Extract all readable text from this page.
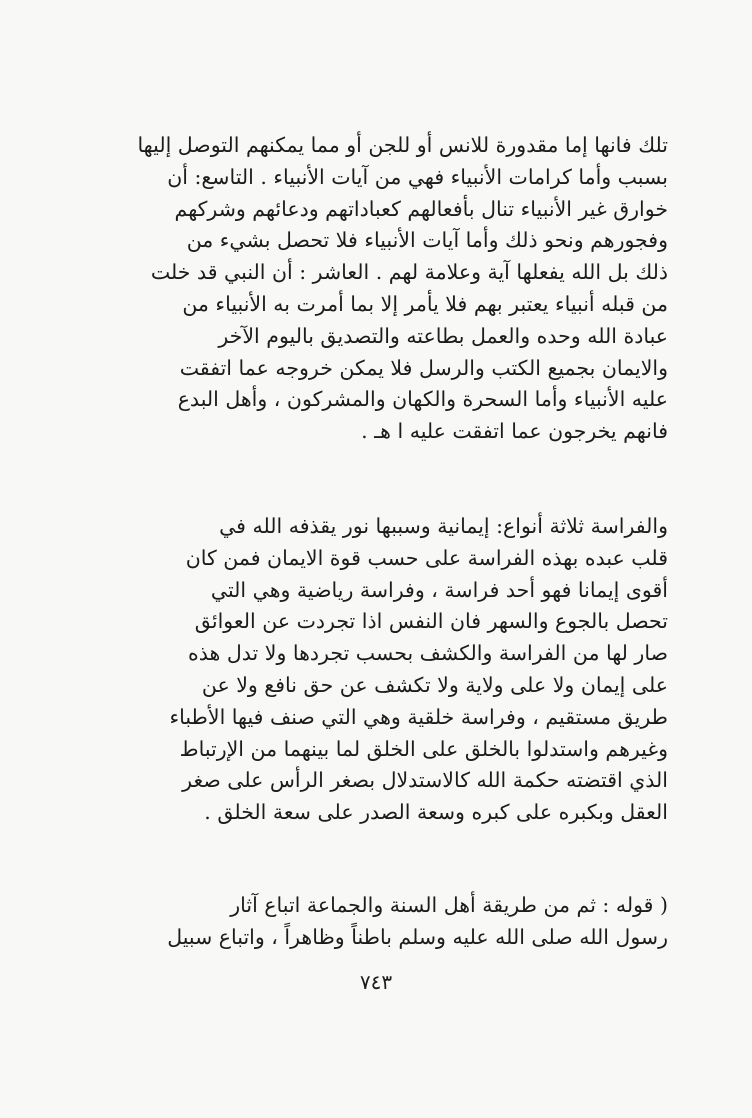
تلك فانها إما مقدورة للانس أو للجن أو مما يمكنهم التوصل إليها
بسبب وأما كرامات الأنبياء فهي من آيات الأنبياء . التاسع: أن
خوارق غير الأنبياء تنال بأفعالهم كعباداتهم ودعائهم وشركهم
وفجورهم ونحو ذلك وأما آيات الأنبياء فلا تحصل بشيء من
ذلك بل الله يفعلها آية وعلامة لهم . العاشر : أن النبي قد خلت
من قبله أنبياء يعتبر بهم فلا يأمر إلا بما أمرت به الأنبياء من
عبادة الله وحده والعمل بطاعته والتصديق باليوم الآخر
والايمان بجميع الكتب والرسل فلا يمكن خروجه عما اتفقت
عليه الأنبياء وأما السحرة والكهان والمشركون ، وأهل البدع
فانهم يخرجون عما اتفقت عليه ا هـ .
والفراسة ثلاثة أنواع: إيمانية وسببها نور يقذفه الله في
قلب عبده بهذه الفراسة على حسب قوة الايمان فمن كان
أقوى إيمانا فهو أحد فراسة ، وفراسة رياضية وهي التي
تحصل بالجوع والسهر فان النفس اذا تجردت عن العوائق
صار لها من الفراسة والكشف بحسب تجردها ولا تدل هذه
على إيمان ولا على ولاية ولا تكشف عن حق نافع ولا عن
طريق مستقيم ، وفراسة خلقية وهي التي صنف فيها الأطباء
وغيرهم واستدلوا بالخلق على الخلق لما بينهما من الإرتباط
الذي اقتضته حكمة الله كالاستدلال بصغر الرأس على صغر
العقل وبكبره على كبره وسعة الصدر على سعة الخلق .
( قوله : ثم من طريقة أهل السنة والجماعة اتباع آثار
رسول الله صلى الله عليه وسلم باطناً وظاهراً ، واتباع سبيل
٧٤٣
